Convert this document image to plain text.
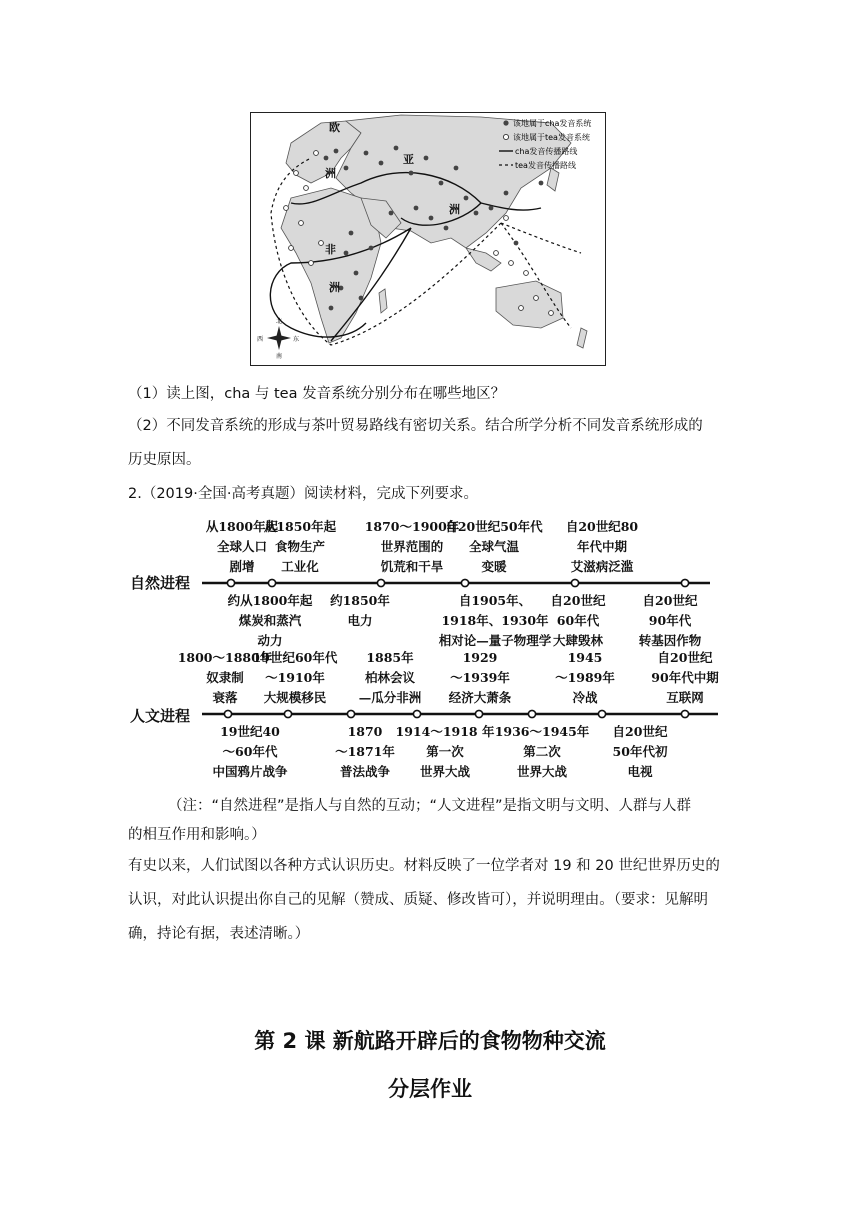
该地属于cha发音系统
该地属于tea发音系统
cha发音传播路线
tea发音传播路线
欧
洲
亚
洲
非
洲
北
南
东
西
（1）读上图，cha 与 tea 发音系统分别分布在哪些地区？
（2）不同发音系统的形成与茶叶贸易路线有密切关系。结合所学分析不同发音系统形成的
历史原因。
2.（2019·全国·高考真题）阅读材料，完成下列要求。
自然进程
人文进程
从1800年起
全球人口
剧增
从1850年起
食物生产
工业化
1870～1900年
世界范围的
饥荒和干旱
自20世纪50年代
全球气温
变暖
自20世纪80
年代中期
艾滋病泛滥
约从1800年起
煤炭和蒸汽
动力
约1850年
电力
自1905年、
1918年、1930年
相对论—量子物理学
自20世纪
60年代
大肆毁林
自20世纪
90年代
转基因作物
1800～1880年
奴隶制
衰落
19世纪60年代
～1910年
大规模移民
1885年
柏林会议
—瓜分非洲
1929
～1939年
经济大萧条
1945
～1989年
冷战
自20世纪
90年代中期
互联网
19世纪40
～60年代
中国鸦片战争
1870
～1871年
普法战争
1914～1918 年
第一次
世界大战
1936～1945年
第二次
世界大战
自20世纪
50年代初
电视
（注：“自然进程”是指人与自然的互动；“人文进程”是指文明与文明、人群与人群
的相互作用和影响。）
有史以来，人们试图以各种方式认识历史。材料反映了一位学者对 19 和 20 世纪世界历史的
认识，对此认识提出你自己的见解（赞成、质疑、修改皆可），并说明理由。（要求：见解明
确，持论有据，表述清晰。）
第 2 课 新航路开辟后的食物物种交流
分层作业
